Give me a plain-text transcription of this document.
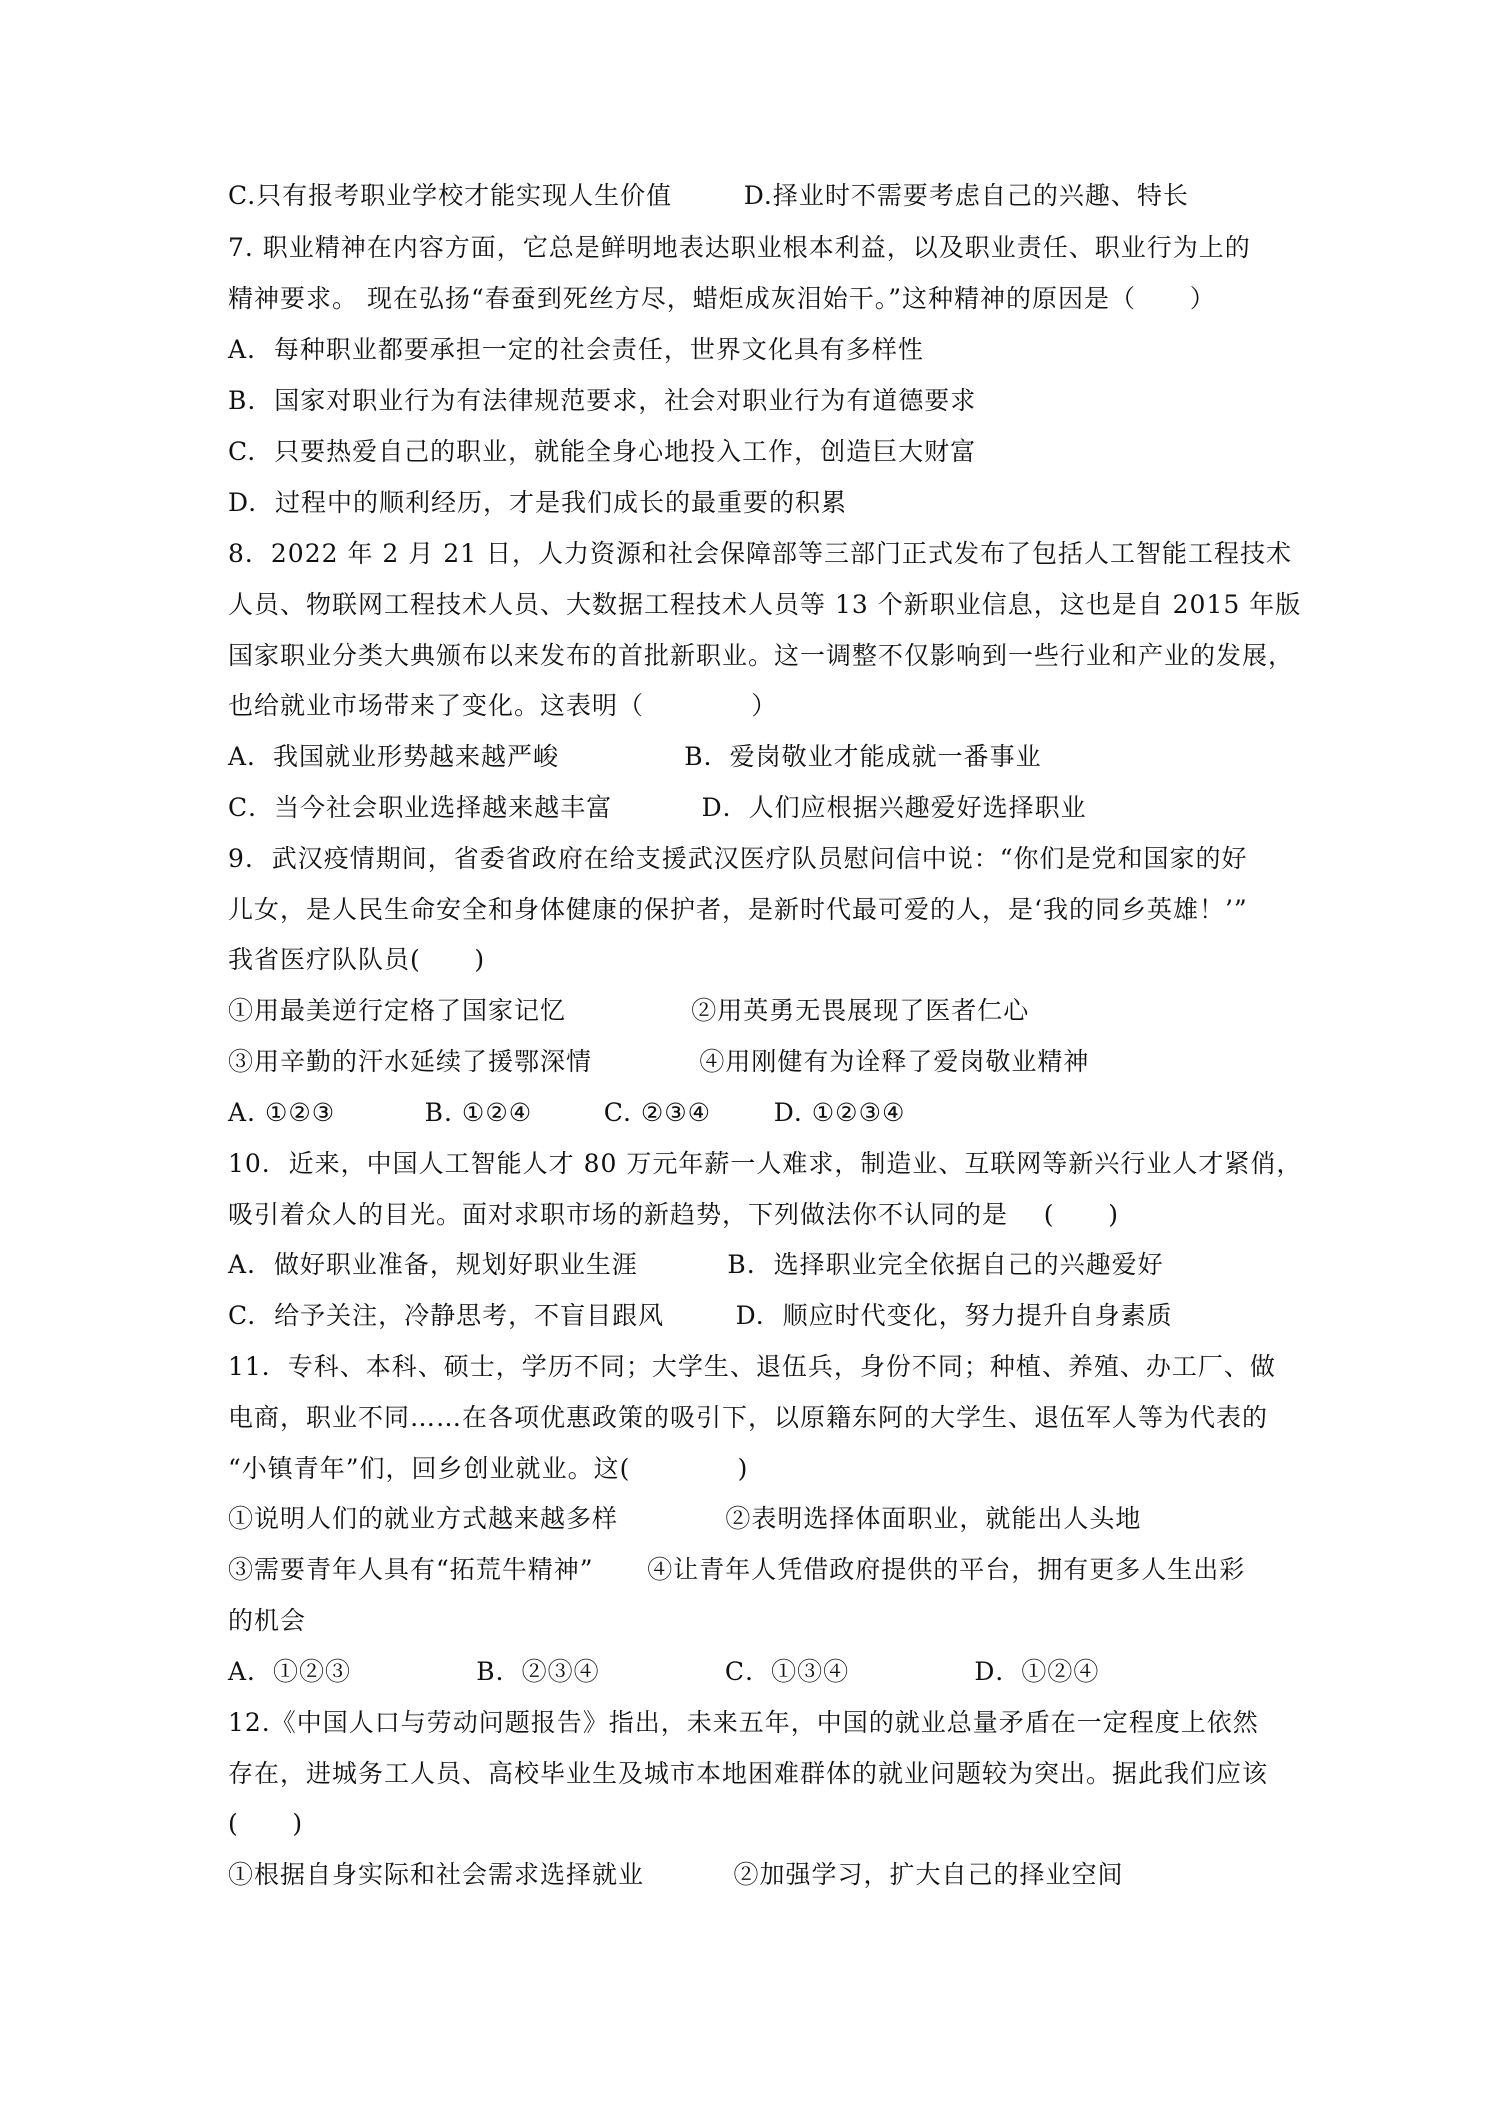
C.只有报考职业学校才能实现人生价值        D.择业时不需要考虑自己的兴趣、特长
7. 职业精神在内容方面，它总是鲜明地表达职业根本利益，以及职业责任、职业行为上的
精神要求。 现在弘扬“春蚕到死丝方尽，蜡炬成灰泪始干。”这种精神的原因是（      ）
A.  每种职业都要承担一定的社会责任，世界文化具有多样性
B.  国家对职业行为有法律规范要求，社会对职业行为有道德要求
C.  只要热爱自己的职业，就能全身心地投入工作，创造巨大财富
D.  过程中的顺利经历，才是我们成长的最重要的积累
8．2022 年 2 月 21 日，人力资源和社会保障部等三部门正式发布了包括人工智能工程技术
人员、物联网工程技术人员、大数据工程技术人员等 13 个新职业信息，这也是自 2015 年版
国家职业分类大典颁布以来发布的首批新职业。这一调整不仅影响到一些行业和产业的发展，
也给就业市场带来了变化。这表明（            ）
A．我国就业形势越来越严峻              B．爱岗敬业才能成就一番事业
C．当今社会职业选择越来越丰富          D．人们应根据兴趣爱好选择职业
9.  武汉疫情期间，省委省政府在给支援武汉医疗队员慰问信中说：“你们是党和国家的好
儿女，是人民生命安全和身体健康的保护者，是新时代最可爱的人，是‘我的同乡英雄！’”
我省医疗队队员(      )
①用最美逆行定格了国家记忆              ②用英勇无畏展现了医者仁心
③用辛勤的汗水延续了援鄂深情            ④用刚健有为诠释了爱岗敬业精神
A. ①②③          B. ①②④        C. ②③④       D. ①②③④
10.  近来，中国人工智能人才 80 万元年薪一人难求，制造业、互联网等新兴行业人才紧俏，
吸引着众人的目光。面对求职市场的新趋势，下列做法你不认同的是    (      )
A.  做好职业准备，规划好职业生涯          B.  选择职业完全依据自己的兴趣爱好
C.  给予关注，冷静思考，不盲目跟风        D.  顺应时代变化，努力提升自身素质
11．专科、本科、硕士，学历不同；大学生、退伍兵，身份不同；种植、养殖、办工厂、做
电商，职业不同……在各项优惠政策的吸引下，以原籍东阿的大学生、退伍军人等为代表的
“小镇青年”们，回乡创业就业。这(            )
①说明人们的就业方式越来越多样            ②表明选择体面职业，就能出人头地
③需要青年人具有“拓荒牛精神”      ④让青年人凭借政府提供的平台，拥有更多人生出彩
的机会
A．①②③              B．②③④              C．①③④              D．①②④
12.《中国人口与劳动问题报告》指出，未来五年，中国的就业总量矛盾在一定程度上依然
存在，进城务工人员、高校毕业生及城市本地困难群体的就业问题较为突出。据此我们应该
(      )
①根据自身实际和社会需求选择就业          ②加强学习，扩大自己的择业空间
